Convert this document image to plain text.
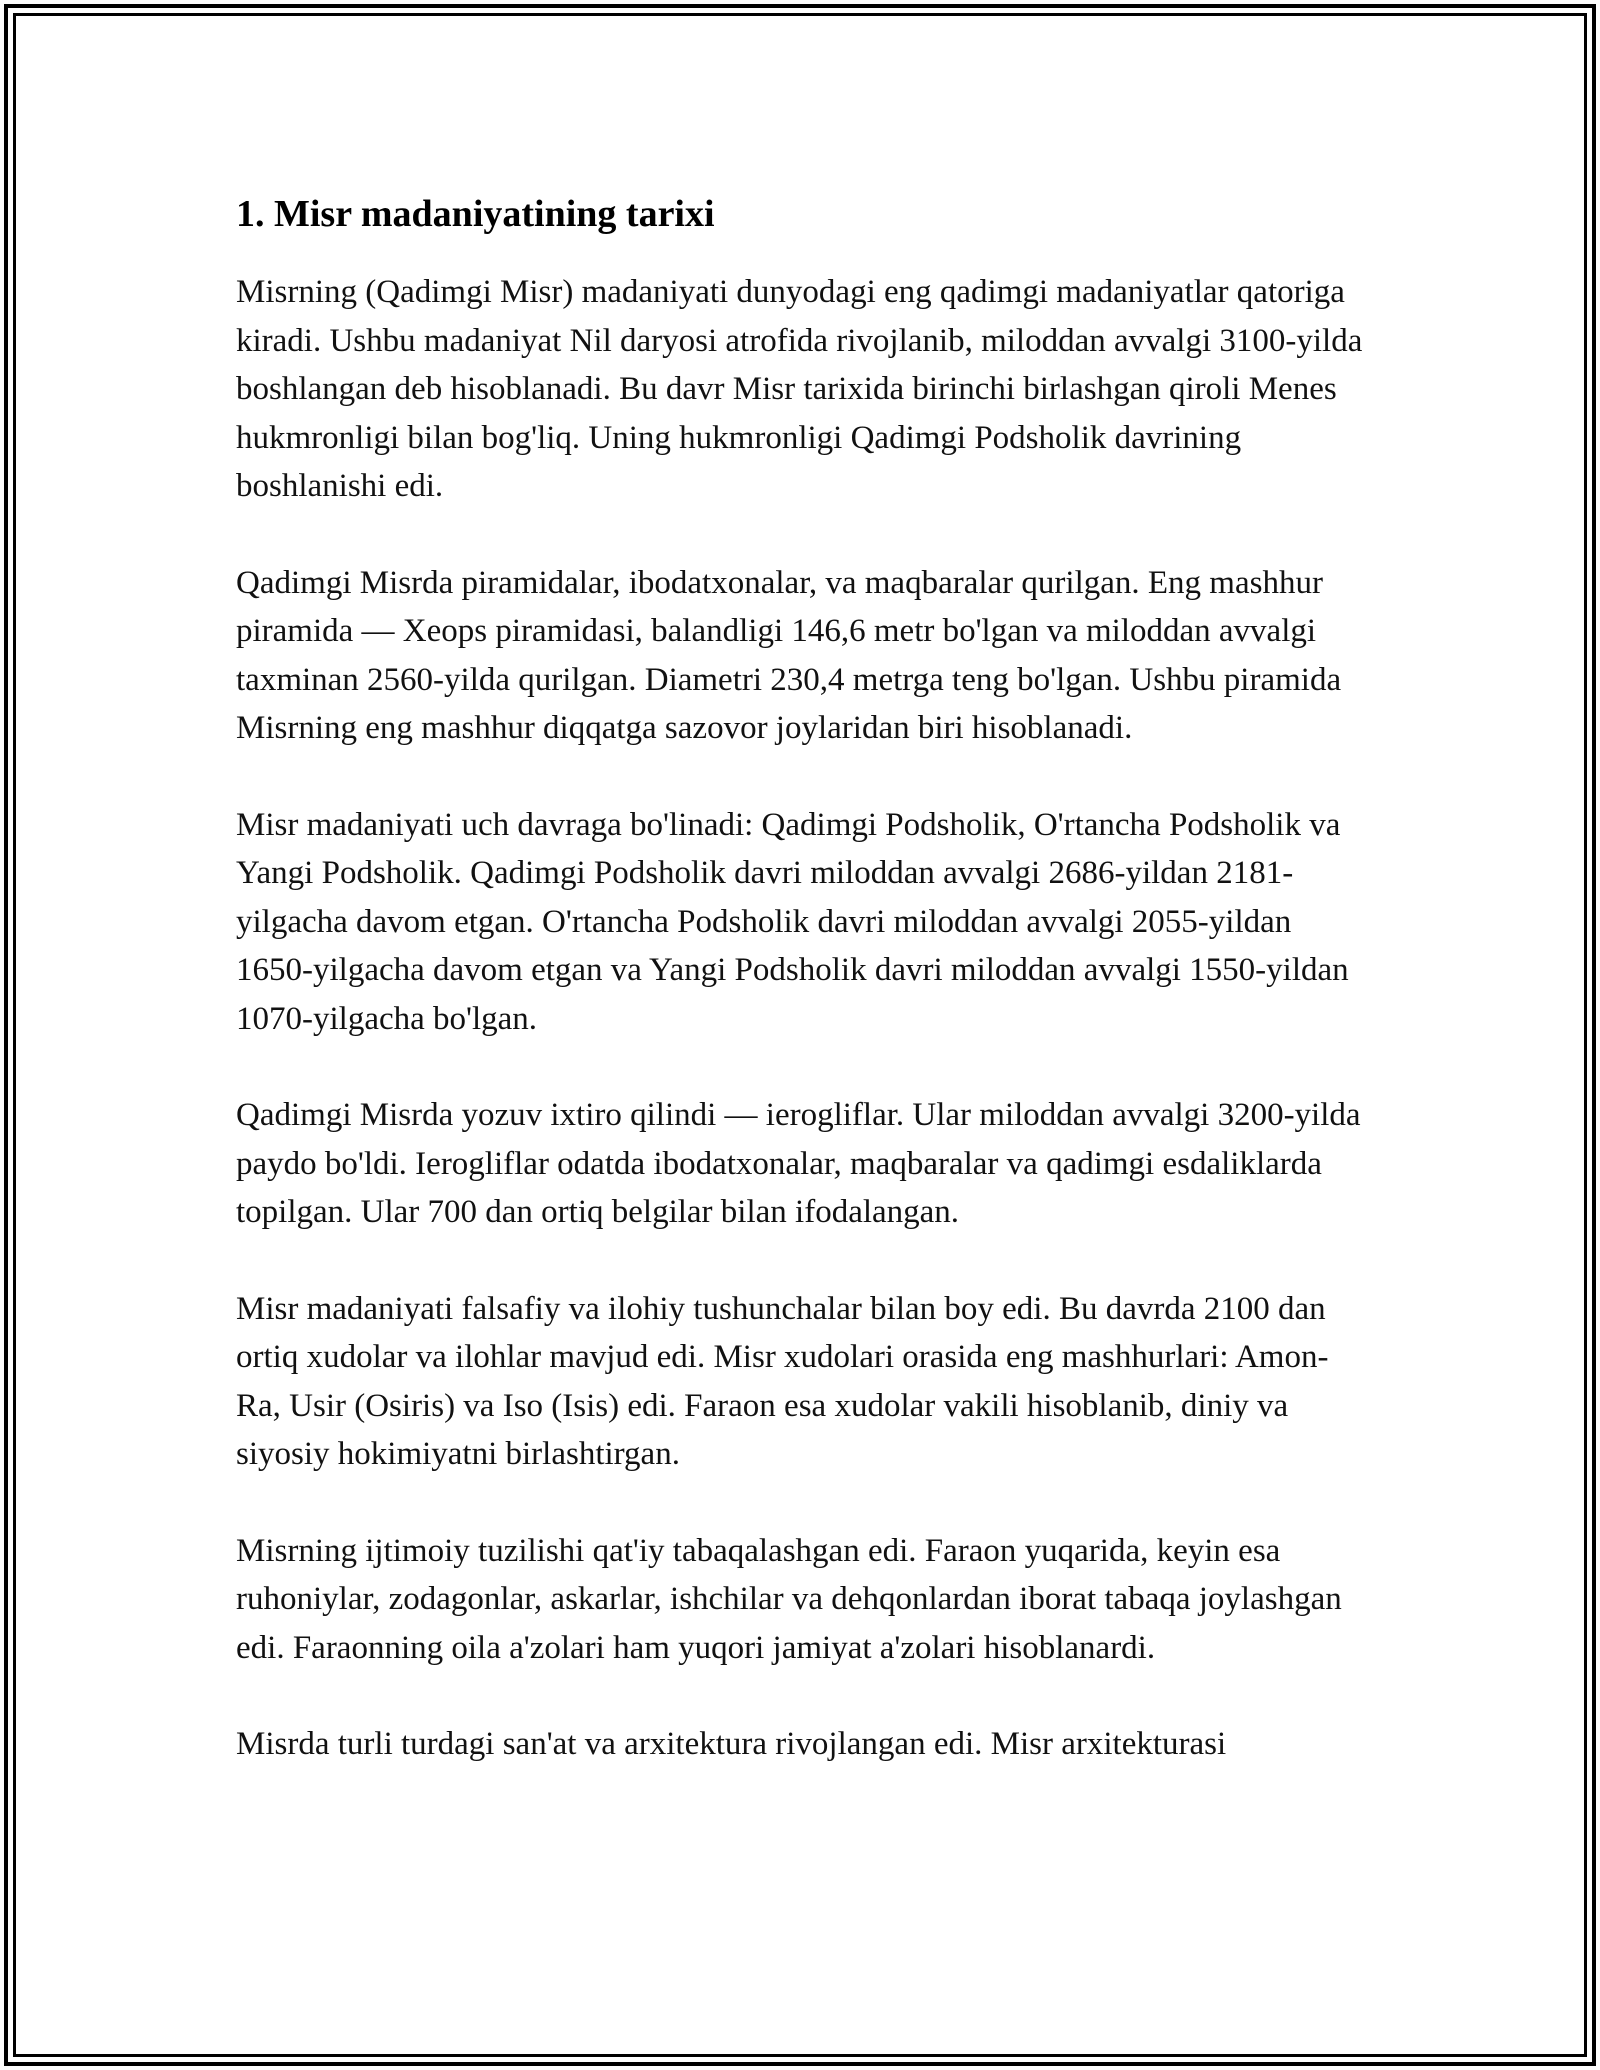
1. Misr madaniyatining tarixi

Misrning (Qadimgi Misr) madaniyati dunyodagi eng qadimgi madaniyatlar qatoriga kiradi. Ushbu madaniyat Nil daryosi atrofida rivojlanib, miloddan avvalgi 3100-yilda boshlangan deb hisoblanadi. Bu davr Misr tarixida birinchi birlashgan qiroli Menes hukmronligi bilan bog'liq. Uning hukmronligi Qadimgi Podsholik davrining boshlanishi edi.

Qadimgi Misrda piramidalar, ibodatxonalar, va maqbaralar qurilgan. Eng mashhur piramida — Xeops piramidasi, balandligi 146,6 metr bo'lgan va miloddan avvalgi taxminan 2560-yilda qurilgan. Diametri 230,4 metrga teng bo'lgan. Ushbu piramida Misrning eng mashhur diqqatga sazovor joylaridan biri hisoblanadi.

Misr madaniyati uch davraga bo'linadi: Qadimgi Podsholik, O'rtancha Podsholik va Yangi Podsholik. Qadimgi Podsholik davri miloddan avvalgi 2686-yildan 2181-yilgacha davom etgan. O'rtancha Podsholik davri miloddan avvalgi 2055-yildan 1650-yilgacha davom etgan va Yangi Podsholik davri miloddan avvalgi 1550-yildan 1070-yilgacha bo'lgan.

Qadimgi Misrda yozuv ixtiro qilindi — ierogliflar. Ular miloddan avvalgi 3200-yilda paydo bo'ldi. Ierogliflar odatda ibodatxonalar, maqbaralar va qadimgi esdaliklarda topilgan. Ular 700 dan ortiq belgilar bilan ifodalangan.

Misr madaniyati falsafiy va ilohiy tushunchalar bilan boy edi. Bu davrda 2100 dan ortiq xudolar va ilohlar mavjud edi. Misr xudolari orasida eng mashhurlari: Amon-Ra, Usir (Osiris) va Iso (Isis) edi. Faraon esa xudolar vakili hisoblanib, diniy va siyosiy hokimiyatni birlashtirgan.

Misrning ijtimoiy tuzilishi qat'iy tabaqalashgan edi. Faraon yuqarida, keyin esa ruhoniylar, zodagonlar, askarlar, ishchilar va dehqonlardan iborat tabaqa joylashgan edi. Faraonning oila a'zolari ham yuqori jamiyat a'zolari hisoblanardi.

Misrda turli turdagi san'at va arxitektura rivojlangan edi. Misr arxitekturasi
